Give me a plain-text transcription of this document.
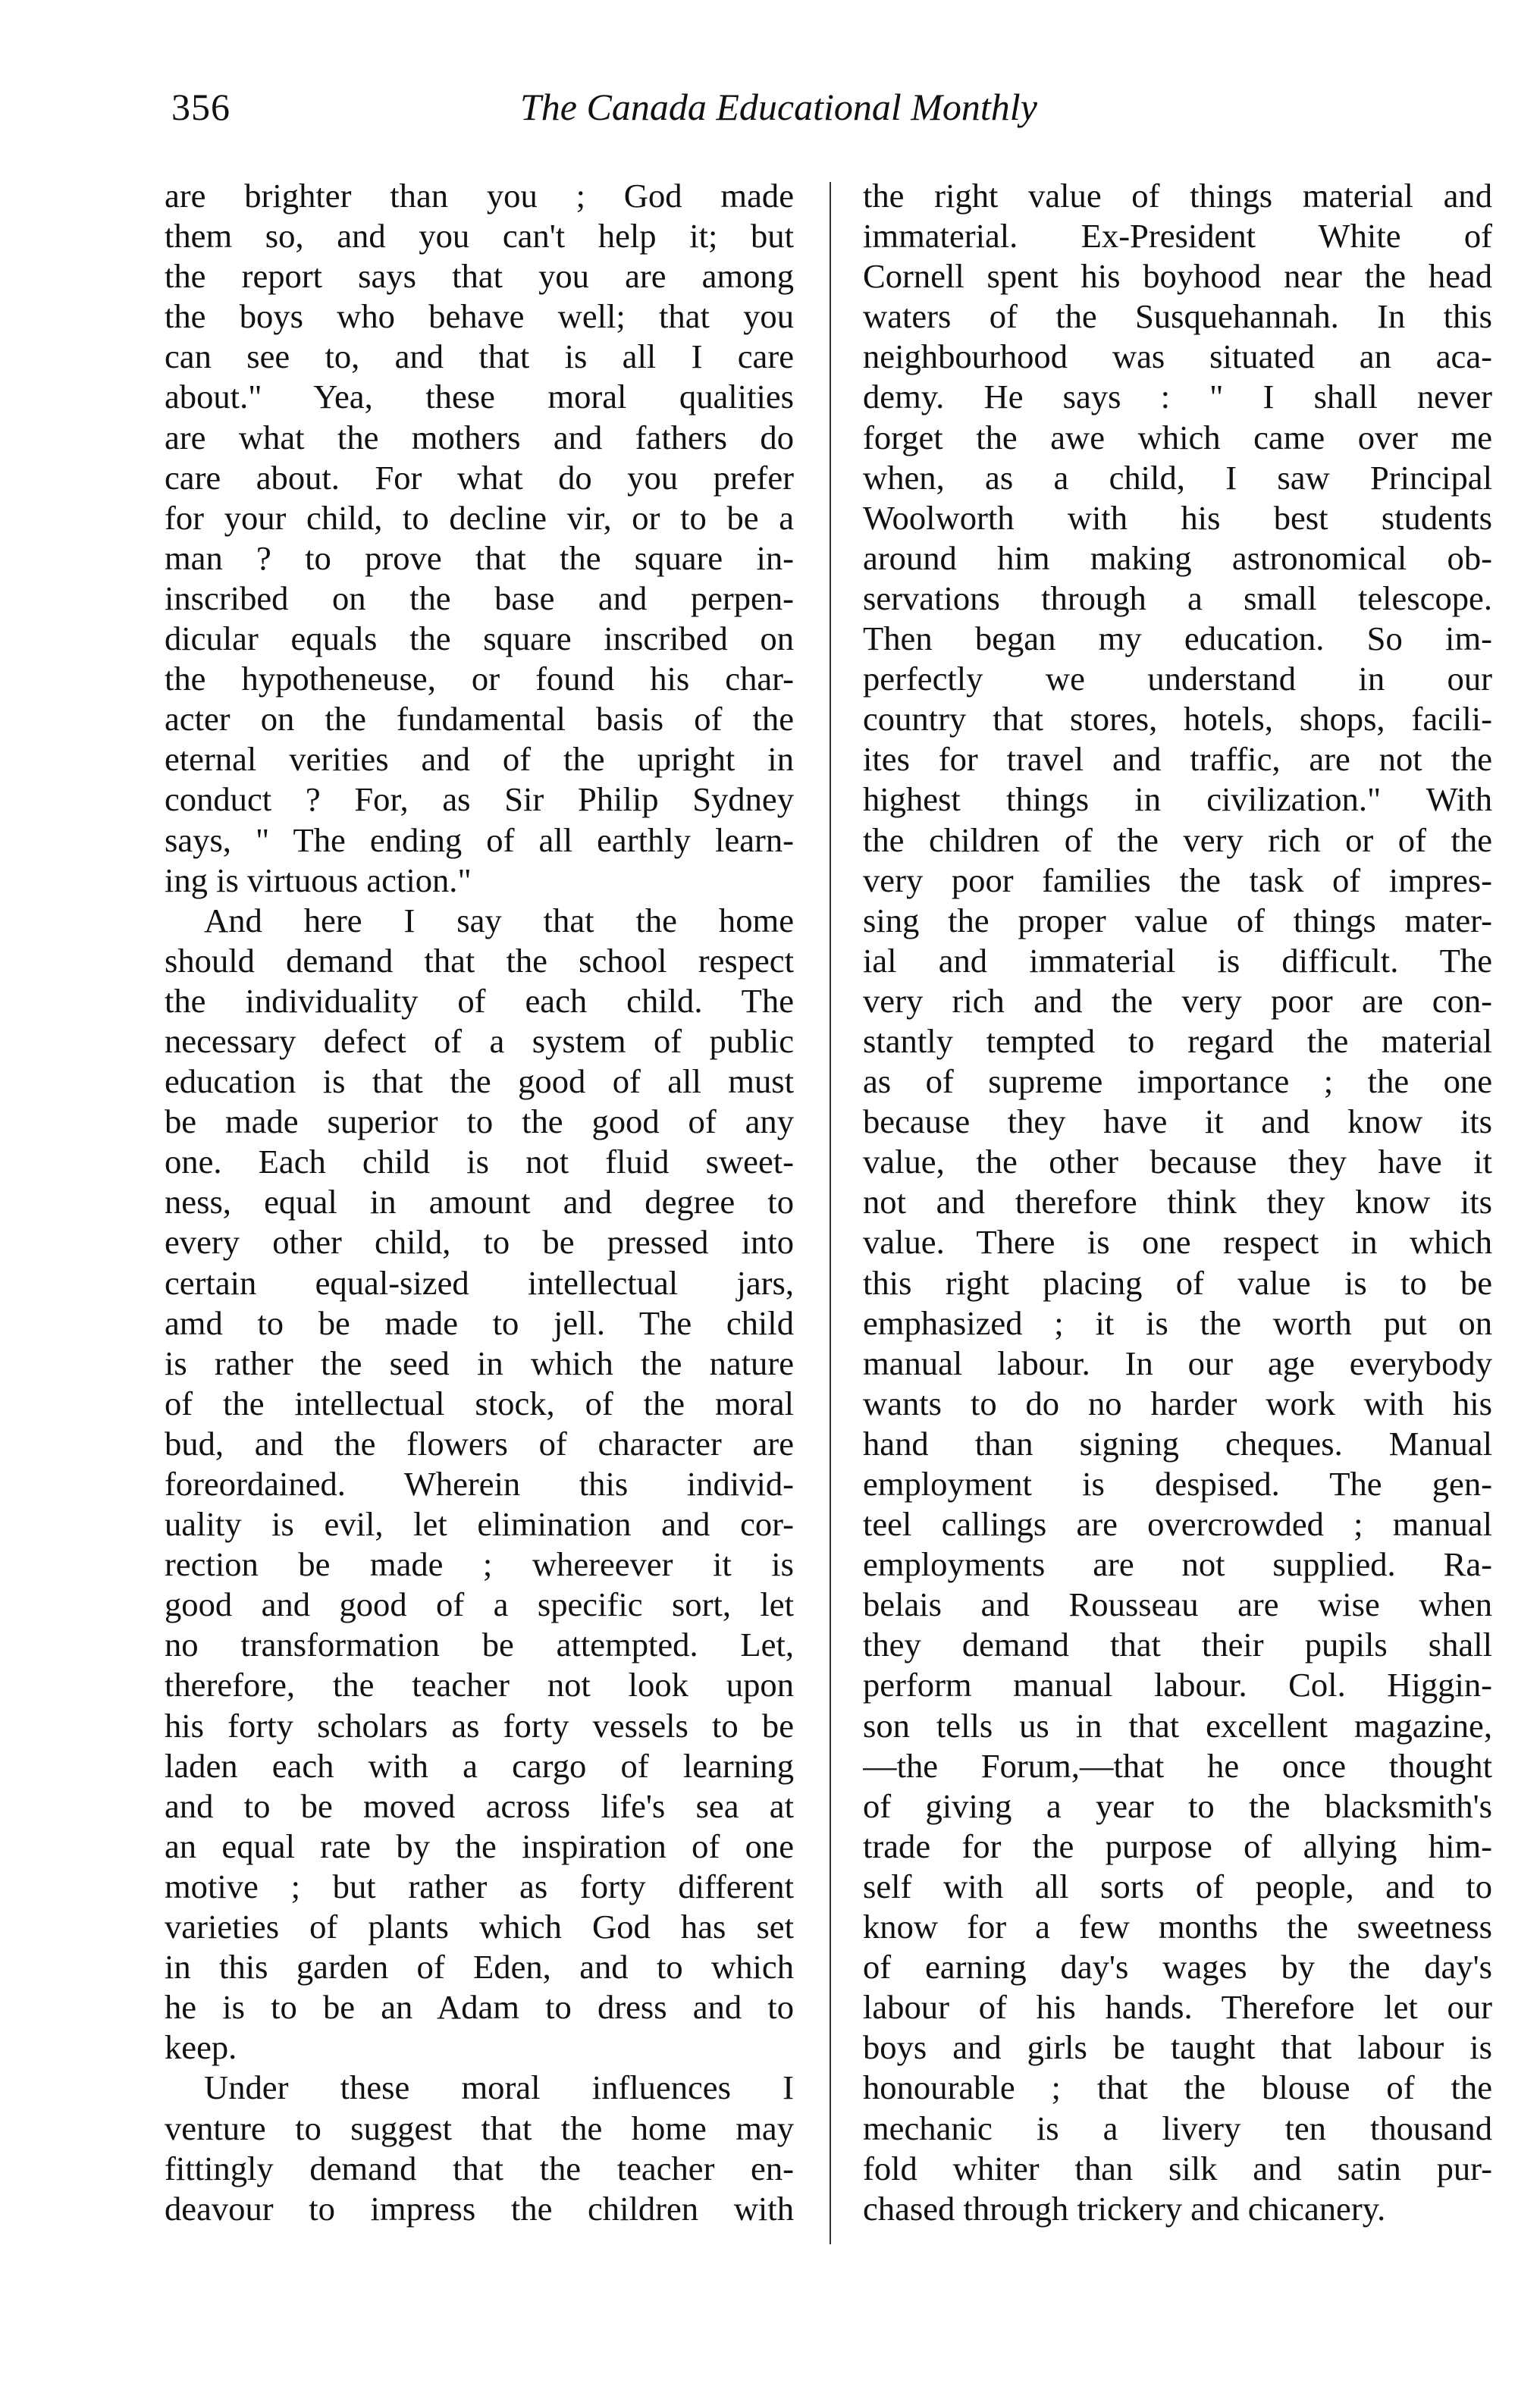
356	The Canada Educational Monthly
are brighter than you ; God made
them so, and you can't help it; but
the report says that you are among
the boys who behave well; that you
can see to, and that is all I care
about." Yea, these moral qualities
are what the mothers and fathers do
care about. For what do you prefer
for your child, to decline vir, or to be a
man ? to prove that the square in-
inscribed on the base and perpen-
dicular equals the square inscribed on
the hypotheneuse, or found his char-
acter on the fundamental basis of the
eternal verities and of the upright in
conduct ? For, as Sir Philip Sydney
says, " The ending of all earthly learn-
ing is virtuous action."
And here I say that the home
should demand that the school respect
the individuality of each child. The
necessary defect of a system of public
education is that the good of all must
be made superior to the good of any
one. Each child is not fluid sweet-
ness, equal in amount and degree to
every other child, to be pressed into
certain equal-sized intellectual jars,
amd to be made to jell. The child
is rather the seed in which the nature
of the intellectual stock, of the moral
bud, and the flowers of character are
foreordained. Wherein this individ-
uality is evil, let elimination and cor-
rection be made ; whereever it is
good and good of a specific sort, let
no transformation be attempted. Let,
therefore, the teacher not look upon
his forty scholars as forty vessels to be
laden each with a cargo of learning
and to be moved across life's sea at
an equal rate by the inspiration of one
motive ; but rather as forty different
varieties of plants which God has set
in this garden of Eden, and to which
he is to be an Adam to dress and to
keep.
Under these moral influences I
venture to suggest that the home may
fittingly demand that the teacher en-
deavour to impress the children with
the right value of things material and
immaterial. Ex-President White of
Cornell spent his boyhood near the head
waters of the Susquehannah. In this
neighbourhood was situated an aca-
demy. He says : " I shall never
forget the awe which came over me
when, as a child, I saw Principal
Woolworth with his best students
around him making astronomical ob-
servations through a small telescope.
Then began my education. So im-
perfectly we understand in our
country that stores, hotels, shops, facili-
ites for travel and traffic, are not the
highest things in civilization." With
the children of the very rich or of the
very poor families the task of impres-
sing the proper value of things mater-
ial and immaterial is difficult. The
very rich and the very poor are con-
stantly tempted to regard the material
as of supreme importance ; the one
because they have it and know its
value, the other because they have it
not and therefore think they know its
value. There is one respect in which
this right placing of value is to be
emphasized ; it is the worth put on
manual labour. In our age everybody
wants to do no harder work with his
hand than signing cheques. Manual
employment is despised. The gen-
teel callings are overcrowded ; manual
employments are not supplied. Ra-
belais and Rousseau are wise when
they demand that their pupils shall
perform manual labour. Col. Higgin-
son tells us in that excellent magazine,
—the Forum,—that he once thought
of giving a year to the blacksmith's
trade for the purpose of allying him-
self with all sorts of people, and to
know for a few months the sweetness
of earning day's wages by the day's
labour of his hands. Therefore let our
boys and girls be taught that labour is
honourable ; that the blouse of the
mechanic is a livery ten thousand
fold whiter than silk and satin pur-
chased through trickery and chicanery.
